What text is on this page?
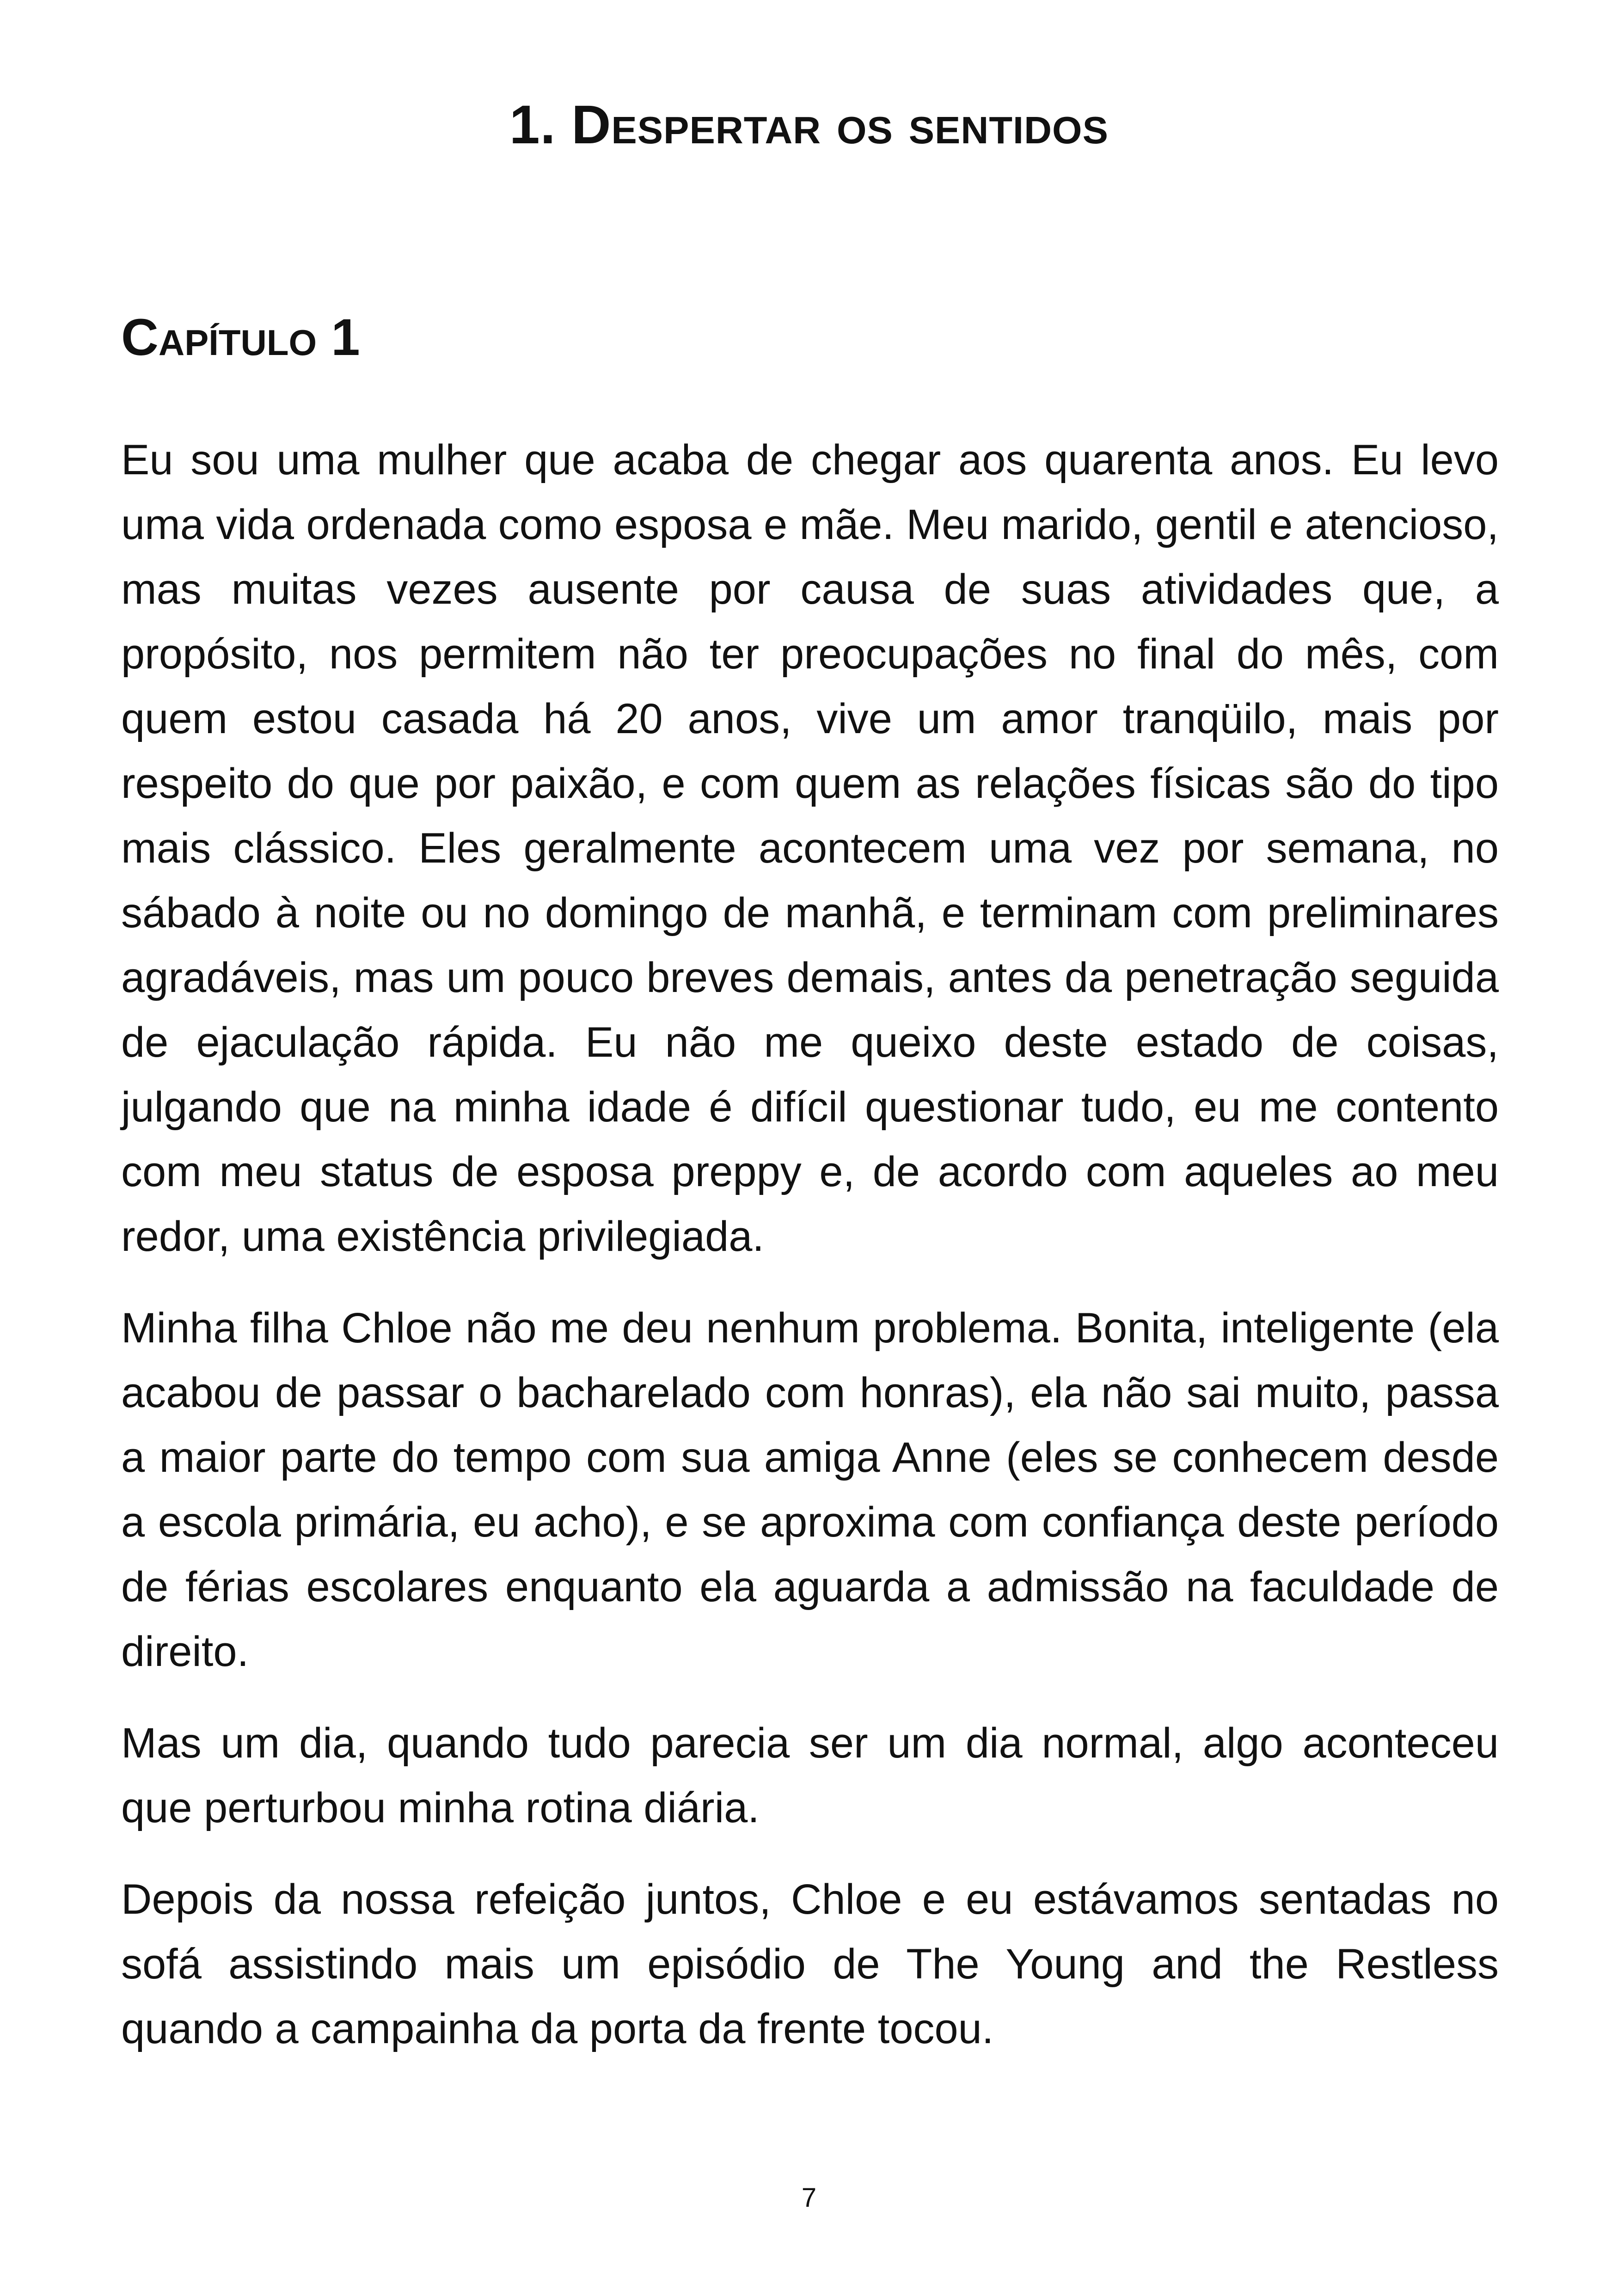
1. Despertar os sentidos
Capítulo 1

Eu sou uma mulher que acaba de chegar aos quarenta anos. Eu levo uma vida ordenada como esposa e mãe. Meu marido, gentil e atencioso, mas muitas vezes ausente por causa de suas atividades que, a propósito, nos permitem não ter preocupações no final do mês, com quem estou casada há 20 anos, vive um amor tranqüilo, mais por respeito do que por paixão, e com quem as relações físicas são do tipo mais clássico. Eles geralmente acontecem uma vez por semana, no sábado à noite ou no domingo de manhã, e terminam com preliminares agradáveis, mas um pouco breves demais, antes da penetração seguida de ejaculação rápida. Eu não me queixo deste estado de coisas, julgando que na minha idade é difícil questionar tudo, eu me contento com meu status de esposa preppy e, de acordo com aqueles ao meu redor, uma existência privilegiada.

Minha filha Chloe não me deu nenhum problema. Bonita, inteligente (ela acabou de passar o bacharelado com honras), ela não sai muito, passa a maior parte do tempo com sua amiga Anne (eles se conhecem desde a escola primária, eu acho), e se aproxima com confiança deste período de férias escolares enquanto ela aguarda a admissão na faculdade de direito.

Mas um dia, quando tudo parecia ser um dia normal, algo aconteceu que perturbou minha rotina diária.

Depois da nossa refeição juntos, Chloe e eu estávamos sentadas no sofá assistindo mais um episódio de The Young and the Restless quando a campainha da porta da frente tocou.

7
